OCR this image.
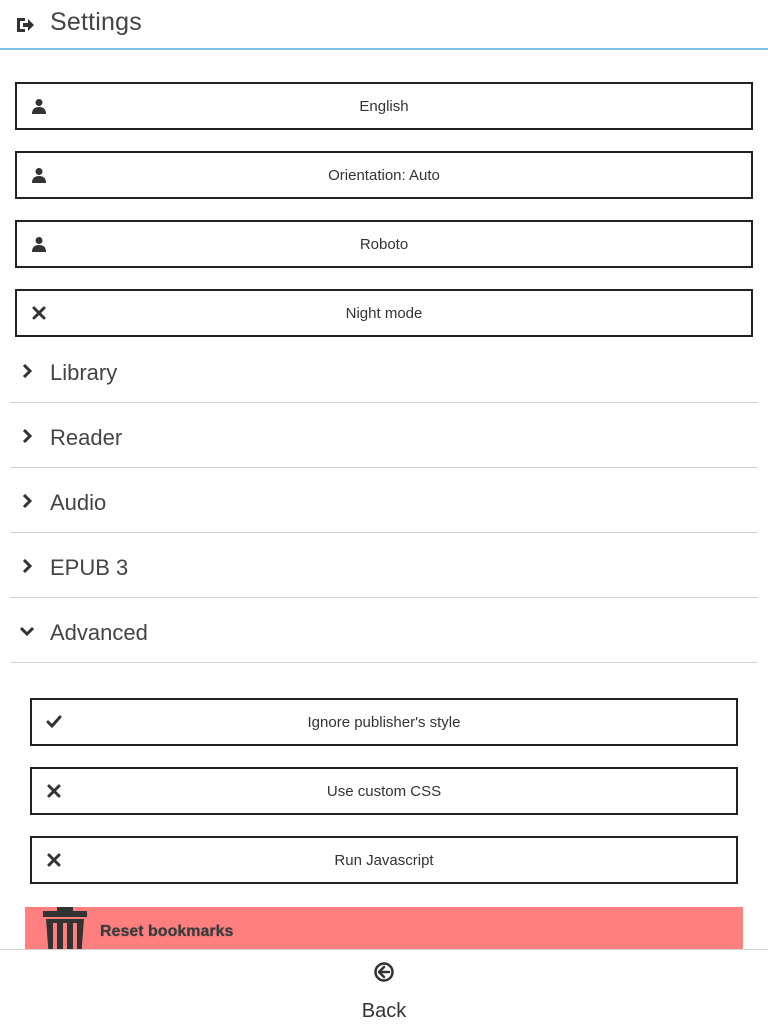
Settings
English
Orientation: Auto
Roboto
Night mode
Library
Reader
Audio
EPUB 3
Advanced
Ignore publisher's style
Use custom CSS
Run Javascript
Reset bookmarks
Back
